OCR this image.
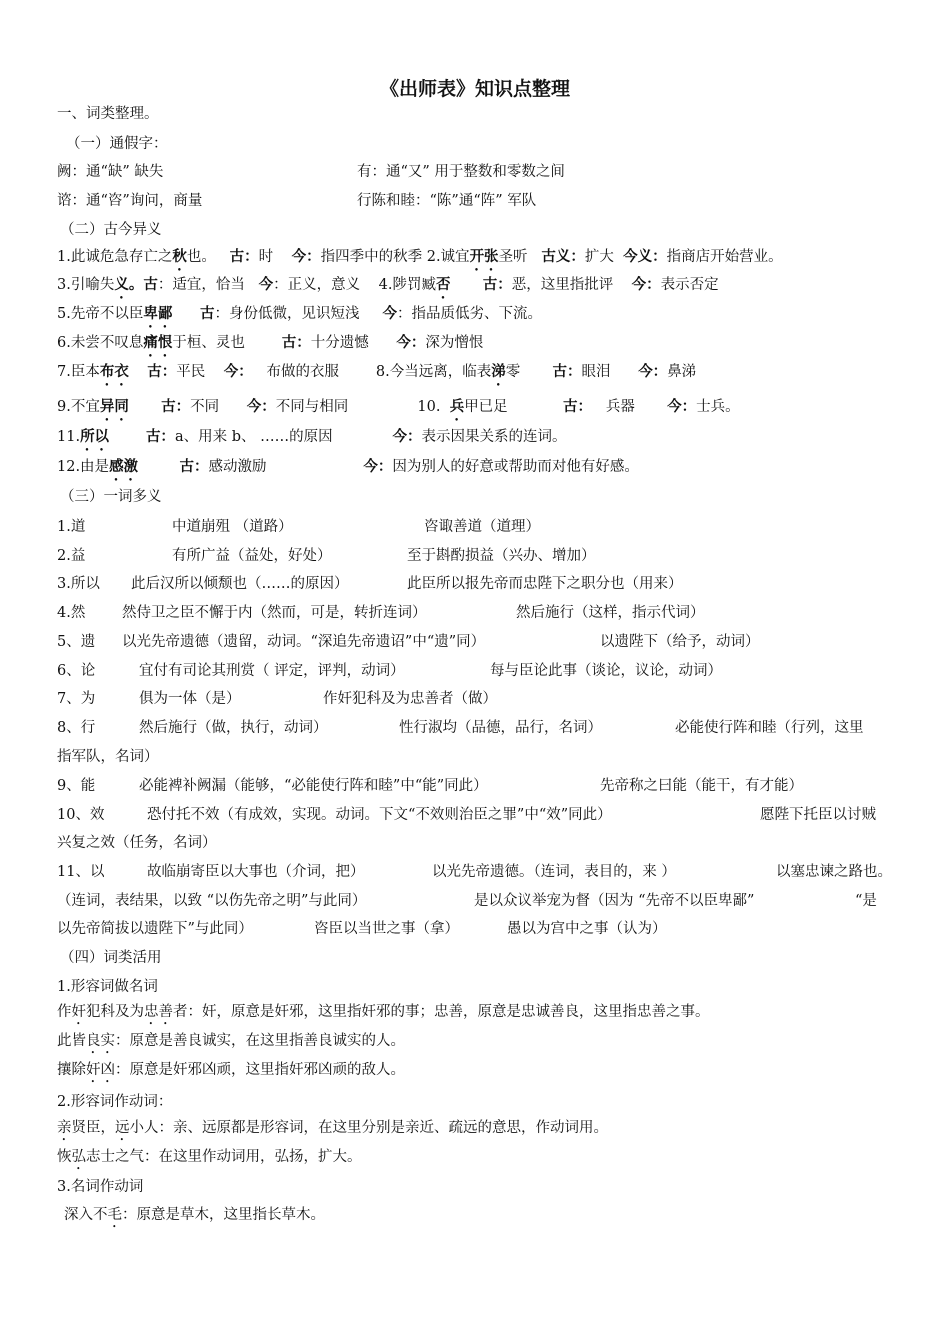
《出师表》知识点整理
一、词类整理。
（一）通假字：
阙：通“缺” 缺失	有：通“又” 用于整数和零数之间
谘：通“咨”询问，商量	行陈和睦：“陈”通“阵” 军队
（二）古今异义
1.此诚危急存亡之秋也。 古：时 今：指四季中的秋季 2.诚宜开张圣听 古义：扩大 今义：指商店开始营业。
3.引喻失义。古：适宜，恰当 今：正义，意义 4.陟罚臧否 古：恶，这里指批评 今：表示否定
5.先帝不以臣卑鄙 古：身份低微，见识短浅 今：指品质低劣、下流。
6.未尝不叹息痛恨于桓、灵也	古：十分遗憾 今：深为憎恨
7.臣本布衣 古：平民 今： 布做的衣服	8.今当远离，临表涕零 古：眼泪 今：鼻涕
9.不宜异同 古：不同 今：不同与相同	10. 兵甲已足	古： 兵器 今：士兵。
11.所以	古：a、用来 b、 ……的原因	今：表示因果关系的连词。
12.由是感激	古：感动激励	今：因为别人的好意或帮助而对他有好感。
（三）一词多义
1.道	中道崩殂 （道路）	咨诹善道（道理）
2.益	有所广益（益处，好处）	至于斟酌损益（兴办、增加）
3.所以 此后汉所以倾颓也（……的原因）	此臣所以报先帝而忠陛下之职分也（用来）
4.然	然侍卫之臣不懈于内（然而，可是，转折连词）	然后施行（这样，指示代词）
5、遗 以光先帝遗德（遗留，动词。“深追先帝遗诏”中“遗”同）	以遗陛下（给予，动词）
6、论	宜付有司论其刑赏（ 评定，评判，动词）	每与臣论此事（谈论，议论，动词）
7、为	俱为一体（是）	作奸犯科及为忠善者（做）
8、行	然后施行（做，执行，动词）	性行淑均（品德，品行，名词）	必能使行阵和睦（行列，这里
指军队，名词）
9、能	必能裨补阙漏（能够，“必能使行阵和睦”中“能”同此）	先帝称之曰能（能干，有才能）
10、效	恐付托不效（有成效，实现。动词。下文“不效则治臣之罪”中“效”同此）	愿陛下托臣以讨贼
兴复之效（任务，名词）
11、以	故临崩寄臣以大事也（介词，把）	以光先帝遗德。（连词，表目的，来 ）	以塞忠谏之路也。
（连词，表结果，以致 “以伤先帝之明”与此同）	是以众议举宠为督（因为 “先帝不以臣卑鄙”	“是
以先帝简拔以遗陛下”与此同）	咨臣以当世之事（拿）	愚以为宫中之事（认为）
（四）词类活用
1.形容词做名词
作奸犯科及为忠善者：奸，原意是奸邪，这里指奸邪的事；忠善，原意是忠诚善良，这里指忠善之事。
此皆良实：原意是善良诚实，在这里指善良诚实的人。
攘除奸凶：原意是奸邪凶顽，这里指奸邪凶顽的敌人。
2.形容词作动词：
亲贤臣，远小人：亲、远原都是形容词，在这里分别是亲近、疏远的意思，作动词用。
恢弘志士之气：在这里作动词用，弘扬，扩大。
3.名词作动词
深入不毛：原意是草木，这里指长草木。
